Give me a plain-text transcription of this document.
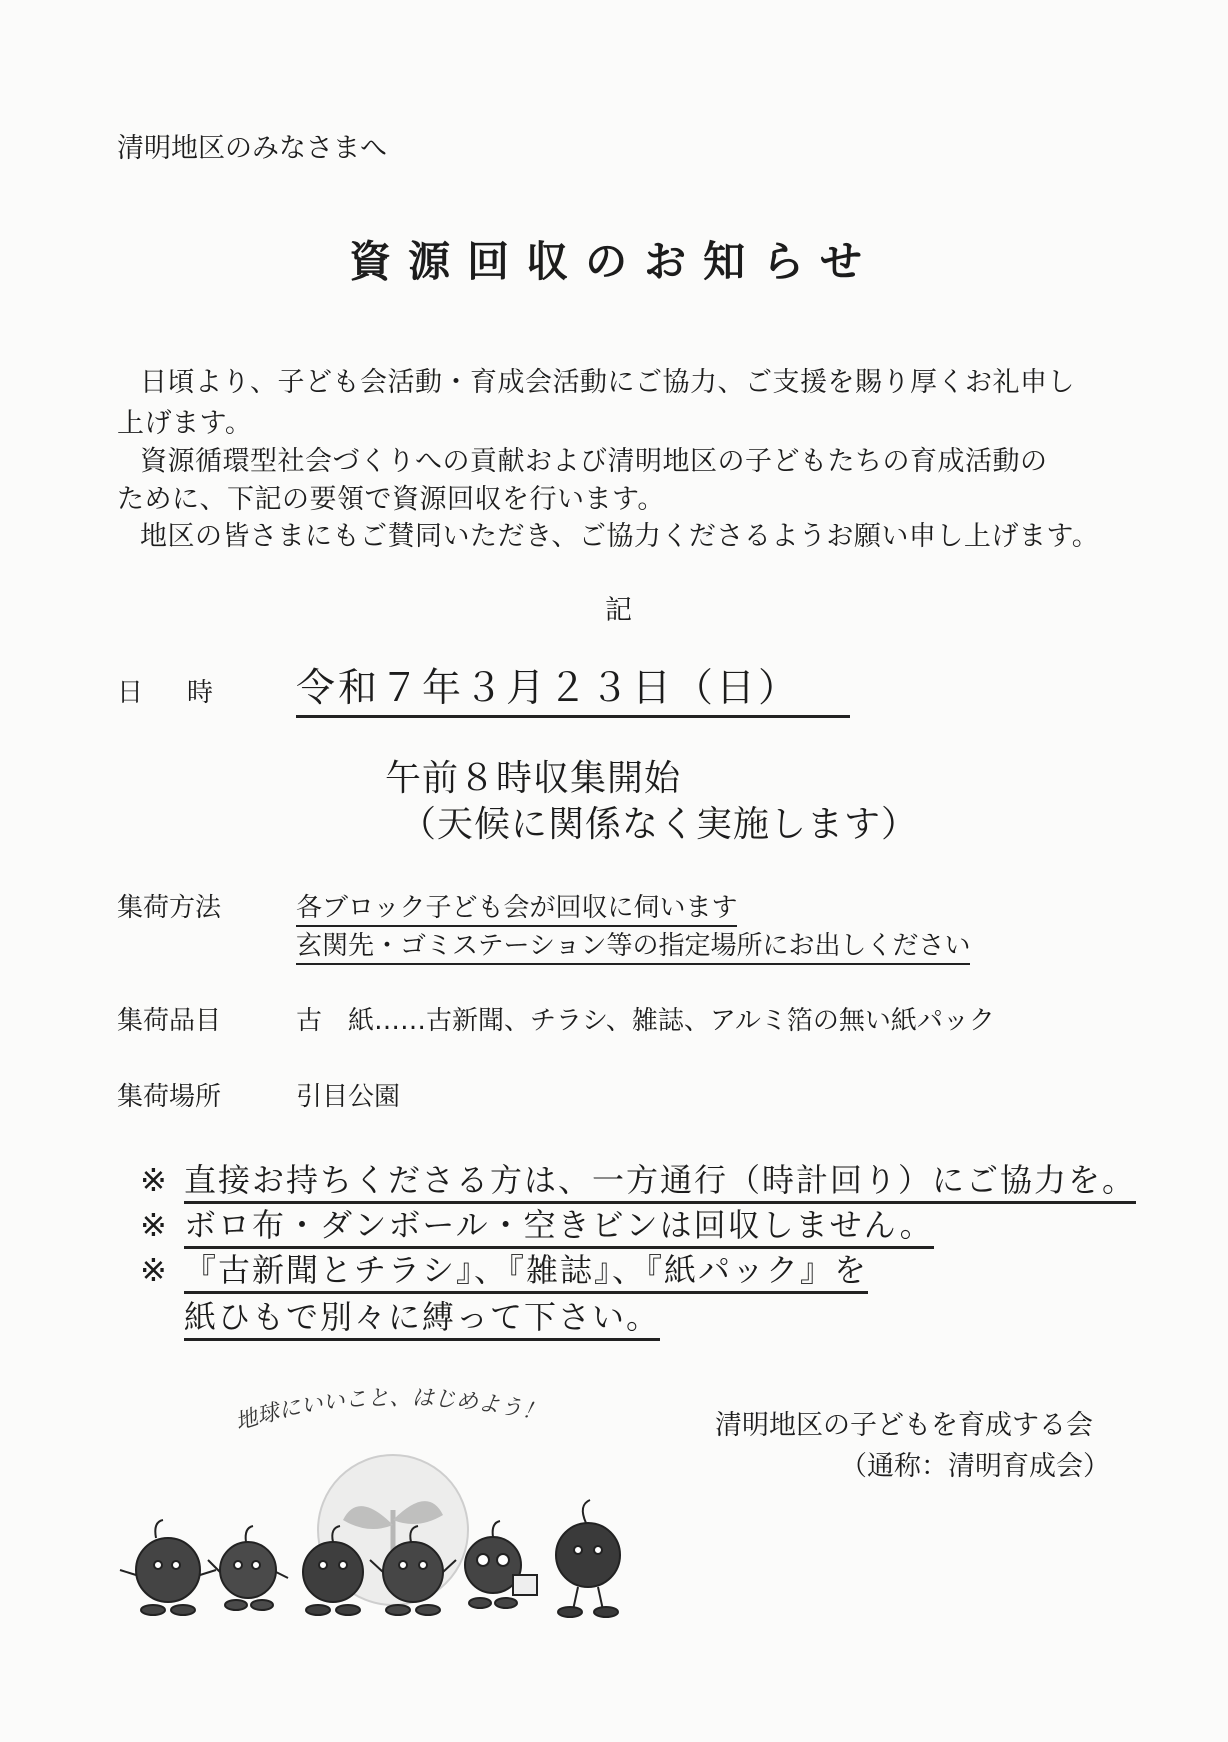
清明地区のみなさまへ
資源回収のお知らせ
日頃より、子ども会活動・育成会活動にご協力、ご支援を賜り厚くお礼申し
上げます。
資源循環型社会づくりへの貢献および清明地区の子どもたちの育成活動の
ために、下記の要領で資源回収を行います。
地区の皆さまにもご賛同いただき、ご協力くださるようお願い申し上げます。
記
日時 令和７年３月２３日（日）
午前８時収集開始
（天候に関係なく実施します）
集荷方法	各ブロック子ども会が回収に伺います
玄関先・ゴミステーション等の指定場所にお出しください
集荷品目	古　紙……古新聞、チラシ、雑誌、アルミ箔の無い紙パック
集荷場所	引目公園
※ 直接お持ちくださる方は、一方通行（時計回り）にご協力を。
※ ボロ布・ダンボール・空きビンは回収しません。
※ 『古新聞とチラシ』、『雑誌』、『紙パック』を
紙ひもで別々に縛って下さい。
清明地区の子どもを育成する会
（通称：清明育成会）
地球にいいこと、はじめよう！
